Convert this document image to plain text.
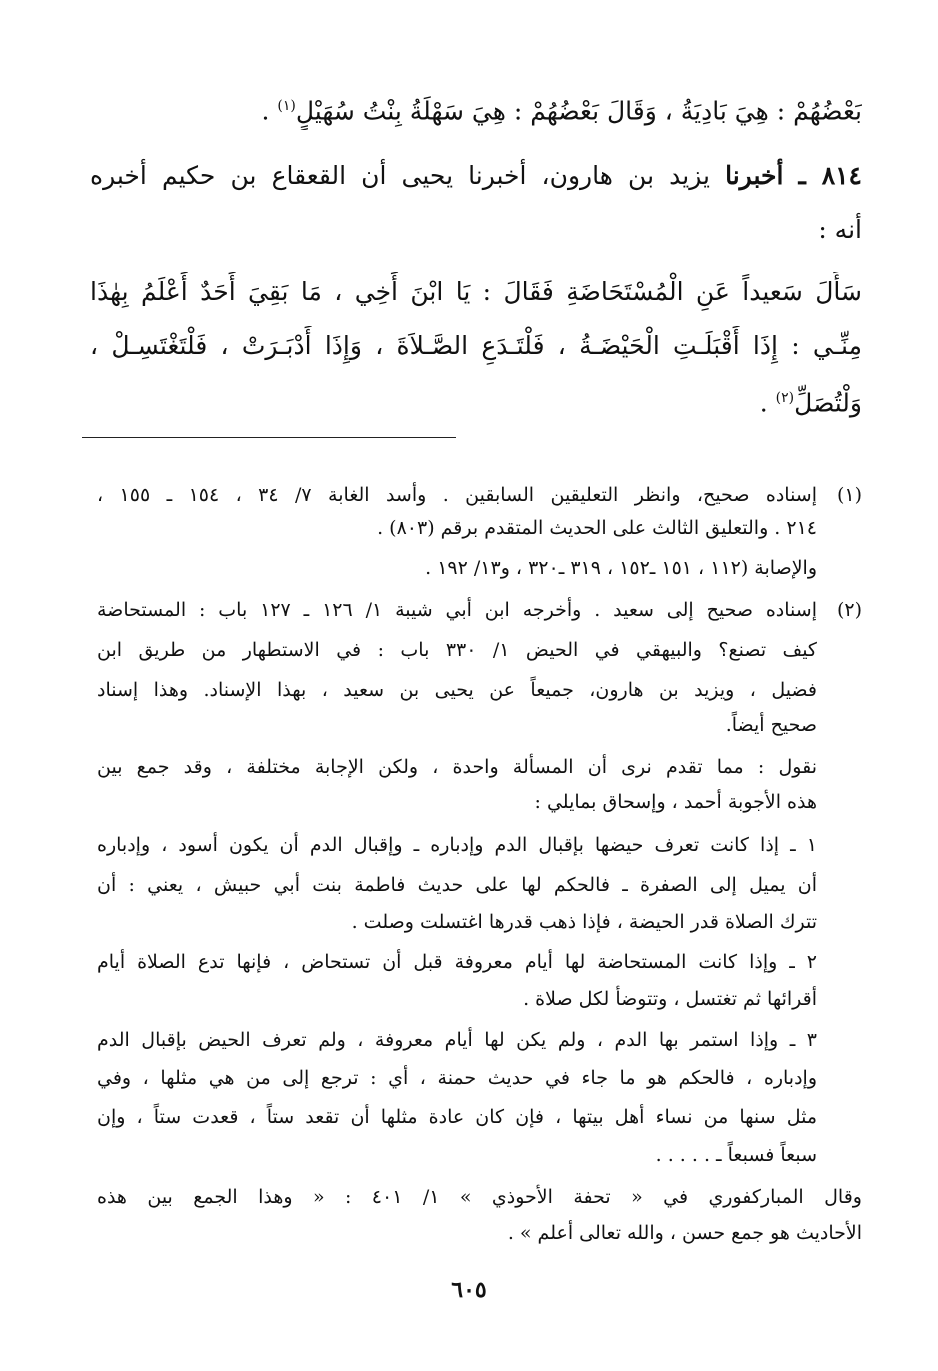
بَعْضُهُمْ : هِيَ بَادِيَةُ ، وَقَالَ بَعْضُهُمْ : هِيَ سَهْلَةُ بِنْتُ سُهَيْلٍ$^{(١)}$ .
٨١٤ ـ أخبرنا يزيد بن هارون، أخبرنا يحيى أن القعقاع بن حكيم أخبره
أنه :
سَأَلَ سَعيداً عَنِ الْمُسْتَحَاضَةِ فَقَالَ : يَا ابْنَ أَخِي ، مَا بَقِيَ أَحَدٌ أَعْلَمُ بِهٰذَا
مِنِّـي : إِذَا أَقْبَلَـتِ الْحَيْضَـةُ ، فَلْتَـدَعِ الصَّـلاَةَ ، وَإِذَا أَدْبَـرَتْ ، فَلْتَغْتَسِـلْ ،
وَلْتُصَلِّ$^{(٢)}$ .
(١)
إسناده صحيح، وانظر التعليقين السابقين . وأسد الغابة ٧/ ٣٤ ، ١٥٤ ـ ١٥٥ ،
٢١٤ . والتعليق الثالث على الحديث المتقدم برقم (٨٠٣) .
والإصابة (١١٢ ، ١٥١ ـ١٥٢ ، ٣١٩ ـ٣٢٠ ، و١٣/ ١٩٢ .
(٢)
إسناده صحيح إلى سعيد . وأخرجه ابن أبي شيبة ١/ ١٢٦ ـ ١٢٧ باب : المستحاضة
كيف تصنع؟ والبيهقي في الحيض ١/ ٣٣٠ باب : في الاستطهار من طريق ابن
فضيل ، ويزيد بن هارون، جميعاً عن يحيى بن سعيد ، بهذا الإسناد. وهذا إسناد
صحيح أيضاً.
نقول : مما تقدم نرى أن المسألة واحدة ، ولكن الإجابة مختلفة ، وقد جمع بين
هذه الأجوبة أحمد ، وإسحاق بمايلي :
١ ـ إذا كانت تعرف حيضها بإقبال الدم وإدباره ـ وإقبال الدم أن يكون أسود ، وإدباره
أن يميل إلى الصفرة ـ فالحكم لها على حديث فاطمة بنت أبي حبيش ، يعني : أن
تترك الصلاة قدر الحيضة ، فإذا ذهب قدرها اغتسلت وصلت .
٢ ـ وإذا كانت المستحاضة لها أيام معروفة قبل أن تستحاض ، فإنها تدع الصلاة أيام
أقرائها ثم تغتسل ، وتتوضأ لكل صلاة .
٣ ـ وإذا استمر بها الدم ، ولم يكن لها أيام معروفة ، ولم تعرف الحيض بإقبال الدم
وإدباره ، فالحكم هو ما جاء في حديث حمنة ، أي : ترجع إلى من هي مثلها ، وفي
مثل سنها من نساء أهل بيتها ، فإن كان عادة مثلها أن تقعد ستاً ، قعدت ستاً ، وإن
سبعاً فسبعاً ـ . . . . .
وقال المباركفوري في « تحفة الأحوذي » ١/ ٤٠١ : « وهذا الجمع بين هذه
الأحاديث هو جمع حسن ، والله تعالى أعلم » .
٦٠٥
